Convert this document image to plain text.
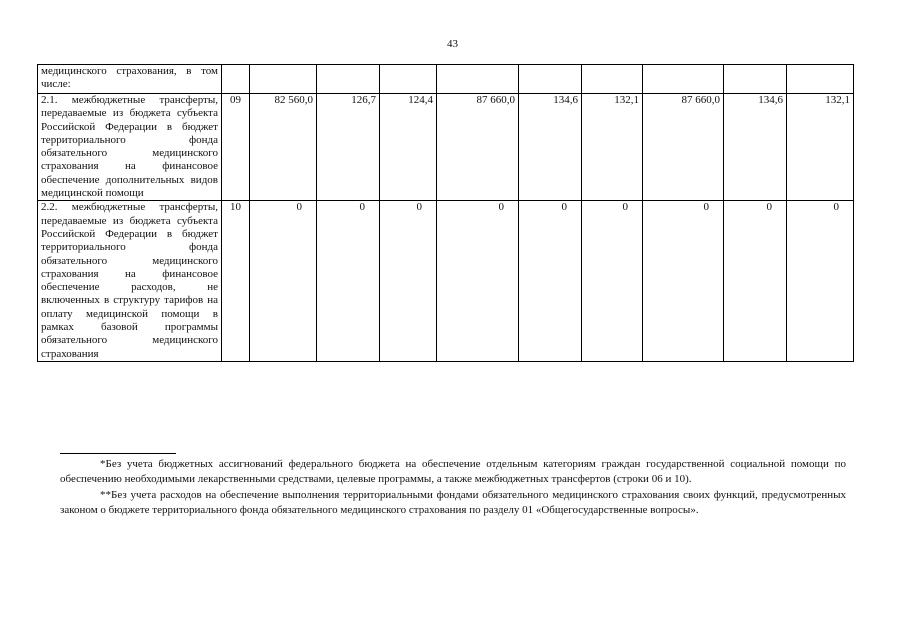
43
медицинского страхования, в том числе:										
2.1. межбюджетные трансферты, передаваемые из бюджета субъекта Российской Федерации в бюджет территориального фонда обязательного медицинского страхования на финансовое обеспечение дополнительных видов медицинской помощи	09	82 560,0	126,7	124,4	87 660,0	134,6	132,1	87 660,0	134,6	132,1
2.2. межбюджетные трансферты, передаваемые из бюджета субъекта Российской Федерации в бюджет территориального фонда обязательного медицинского страхования на финансовое обеспечение расходов, не включенных в структуру тарифов на оплату медицинской помощи в рамках базовой программы обязательного медицинского страхования	10	0	0	0	0	0	0	0	0	0

*Без учета бюджетных ассигнований федерального бюджета на обеспечение отдельным категориям граждан государственной социальной помощи по обеспечению необходимыми лекарственными средствами, целевые программы, а также межбюджетных трансфертов (строки 06 и 10).

**Без учета расходов на обеспечение выполнения территориальными фондами обязательного медицинского страхования своих функций, предусмотренных законом о бюджете территориального фонда обязательного медицинского страхования по разделу 01 «Общегосударственные вопросы».
